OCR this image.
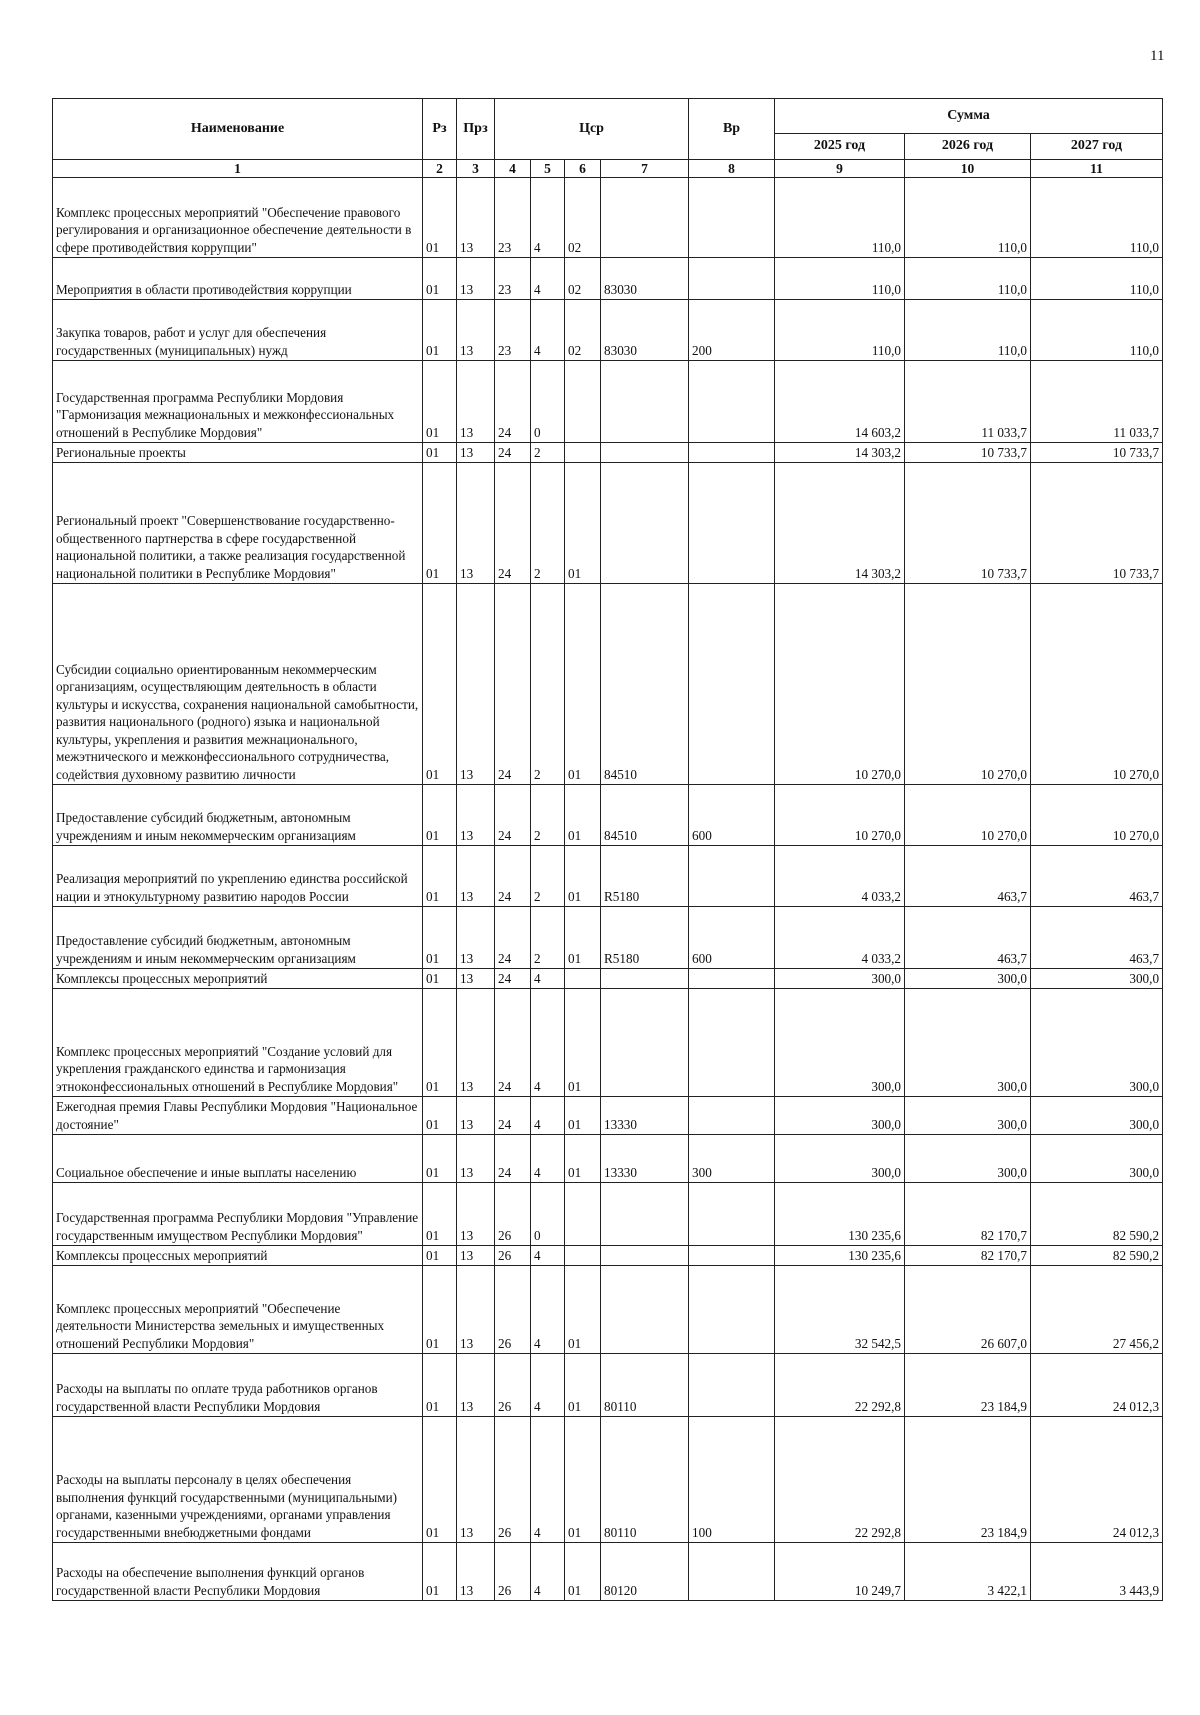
11
Наименование	Рз	Прз	Цср				Вр	Сумма		
								2025 год	2026 год	2027 год
1	2	3	4	5	6	7	8	9	10	11
Комплекс процессных мероприятий "Обеспечение правового регулирования и организационное обеспечение деятельности в сфере противодействия коррупции"	01	13	23	4	02			110,0	110,0	110,0
Мероприятия в области противодействия коррупции	01	13	23	4	02	83030		110,0	110,0	110,0
Закупка товаров, работ и услуг для обеспечения государственных (муниципальных) нужд	01	13	23	4	02	83030	200	110,0	110,0	110,0
Государственная программа Республики Мордовия "Гармонизация межнациональных и межконфессиональных отношений в Республике Мордовия"	01	13	24	0				14 603,2	11 033,7	11 033,7
Региональные проекты	01	13	24	2				14 303,2	10 733,7	10 733,7
Региональный проект "Совершенствование государственно-общественного партнерства в сфере государственной национальной политики, а также реализация государственной национальной политики в Республике Мордовия"	01	13	24	2	01			14 303,2	10 733,7	10 733,7
Субсидии социально ориентированным некоммерческим организациям, осуществляющим деятельность в области культуры и искусства, сохранения национальной самобытности, развития национального (родного) языка и национальной культуры, укрепления и развития межнационального, межэтнического и межконфессионального сотрудничества, содействия духовному развитию личности	01	13	24	2	01	84510		10 270,0	10 270,0	10 270,0
Предоставление субсидий бюджетным, автономным учреждениям и иным некоммерческим организациям	01	13	24	2	01	84510	600	10 270,0	10 270,0	10 270,0
Реализация мероприятий по укреплению единства российской нации и этнокультурному развитию народов России	01	13	24	2	01	R5180		4 033,2	463,7	463,7
Предоставление субсидий бюджетным, автономным учреждениям и иным некоммерческим организациям	01	13	24	2	01	R5180	600	4 033,2	463,7	463,7
Комплексы процессных мероприятий	01	13	24	4				300,0	300,0	300,0
Комплекс процессных мероприятий "Создание условий для укрепления гражданского единства и гармонизация этноконфессиональных отношений в Республике Мордовия"	01	13	24	4	01			300,0	300,0	300,0
Ежегодная премия Главы Республики Мордовия "Национальное достояние"	01	13	24	4	01	13330		300,0	300,0	300,0
Социальное обеспечение и иные выплаты населению	01	13	24	4	01	13330	300	300,0	300,0	300,0
Государственная программа Республики Мордовия "Управление государственным имуществом Республики Мордовия"	01	13	26	0				130 235,6	82 170,7	82 590,2
Комплексы процессных мероприятий	01	13	26	4				130 235,6	82 170,7	82 590,2
Комплекс процессных мероприятий "Обеспечение деятельности Министерства земельных и имущественных отношений Республики Мордовия"	01	13	26	4	01			32 542,5	26 607,0	27 456,2
Расходы на выплаты по оплате труда работников органов государственной власти Республики Мордовия	01	13	26	4	01	80110		22 292,8	23 184,9	24 012,3
Расходы на выплаты персоналу в целях обеспечения выполнения функций государственными (муниципальными) органами, казенными учреждениями, органами управления государственными внебюджетными фондами	01	13	26	4	01	80110	100	22 292,8	23 184,9	24 012,3
Расходы на обеспечение выполнения функций органов государственной власти Республики Мордовия	01	13	26	4	01	80120		10 249,7	3 422,1	3 443,9
